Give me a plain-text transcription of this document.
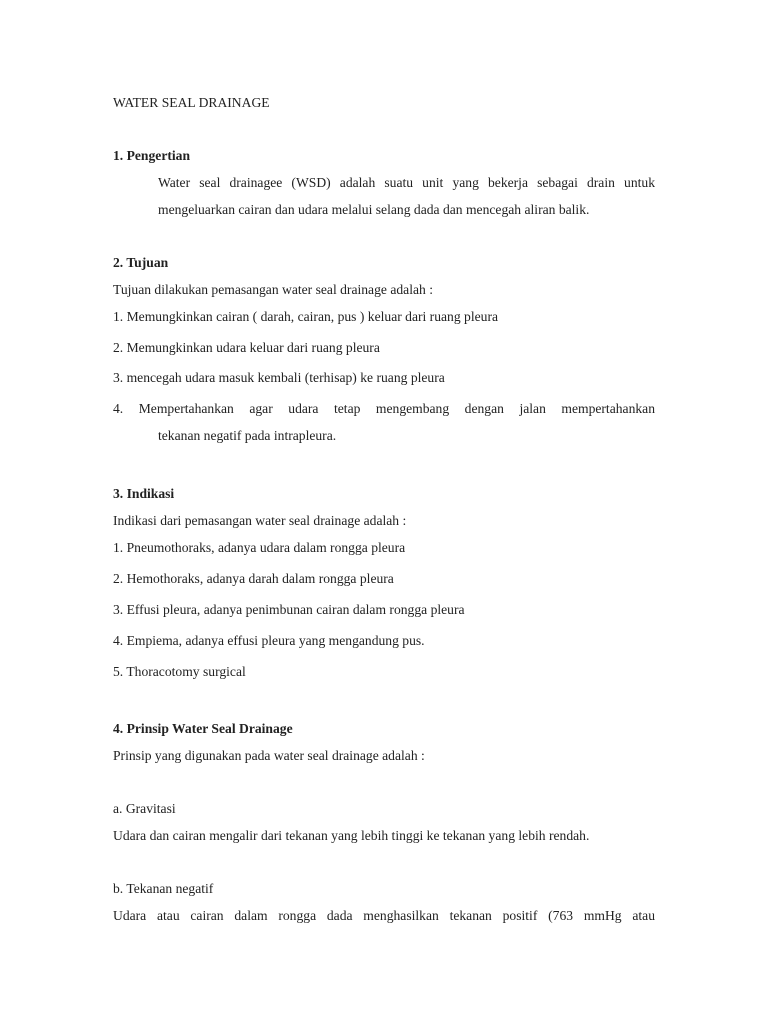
WATER SEAL DRAINAGE
1. Pengertian
Water seal drainagee (WSD) adalah suatu unit yang bekerja sebagai drain untuk
mengeluarkan cairan dan udara melalui selang dada dan mencegah aliran balik.
2. Tujuan
Tujuan dilakukan pemasangan water seal drainage adalah :
1. Memungkinkan cairan ( darah, cairan, pus ) keluar dari ruang pleura
2. Memungkinkan udara keluar dari ruang pleura
3. mencegah udara masuk kembali (terhisap) ke ruang pleura
4. Mempertahankan agar udara tetap mengembang dengan jalan mempertahankan
tekanan negatif pada intrapleura.
3. Indikasi
Indikasi dari pemasangan water seal drainage adalah :
1. Pneumothoraks, adanya udara dalam rongga pleura
2. Hemothoraks, adanya darah dalam rongga pleura
3. Effusi pleura, adanya penimbunan cairan dalam rongga pleura
4. Empiema, adanya effusi pleura yang mengandung pus.
5. Thoracotomy surgical
4. Prinsip Water Seal Drainage
Prinsip yang digunakan pada water seal drainage adalah :
a. Gravitasi
Udara dan cairan mengalir dari tekanan yang lebih tinggi ke tekanan yang lebih rendah.
b. Tekanan negatif
Udara atau cairan dalam rongga dada menghasilkan tekanan positif (763 mmHg atau
